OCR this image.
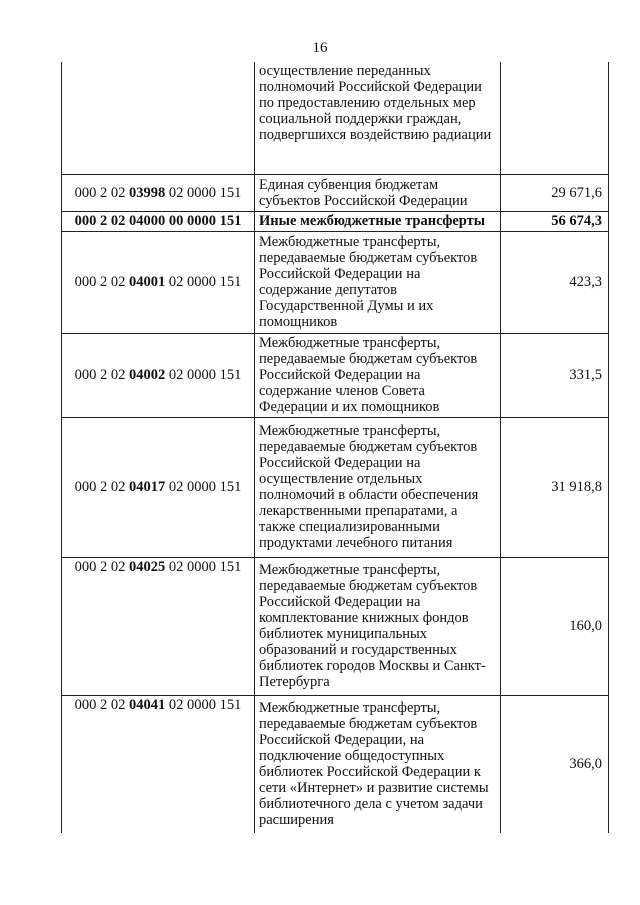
16
	осуществление переданных полномочий Российской Федерации по предоставлению отдельных мер социальной поддержки граждан, подвергшихся воздействию радиации	
000 2 02 03998 02 0000 151	Единая субвенция бюджетам субъектов Российской Федерации	29 671,6
000 2 02 04000 00 0000 151	Иные межбюджетные трансферты	56 674,3
000 2 02 04001 02 0000 151	Межбюджетные трансферты, передаваемые бюджетам субъектов Российской Федерации на содержание депутатов Государственной Думы и их помощников	423,3
000 2 02 04002 02 0000 151	Межбюджетные трансферты, передаваемые бюджетам субъектов Российской Федерации на содержание членов Совета Федерации и их помощников	331,5
000 2 02 04017 02 0000 151	Межбюджетные трансферты, передаваемые бюджетам субъектов Российской Федерации на осуществление отдельных полномочий в области обеспечения лекарственными препаратами, а также специализированными продуктами лечебного питания	31 918,8
000 2 02 04025 02 0000 151	Межбюджетные трансферты, передаваемые бюджетам субъектов Российской Федерации на комплектование книжных фондов библиотек муниципальных образований и государственных библиотек городов Москвы и Санкт-Петербурга	160,0
000 2 02 04041 02 0000 151	Межбюджетные трансферты, передаваемые бюджетам субъектов Российской Федерации, на подключение общедоступных библиотек Российской Федерации к сети «Интернет» и развитие системы библиотечного дела с учетом задачи расширения	366,0
